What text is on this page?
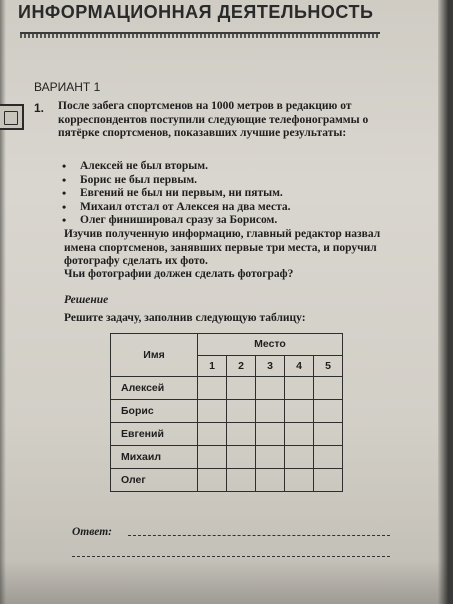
ИНФОРМАЦИОННАЯ ДЕЯТЕЛЬНОСТЬ
ВАРИАНТ 1
1. После забега спортсменов на 1000 метров в редакцию от корреспондентов поступили следующие телефонограммы о пятёрке спортсменов, показавших лучшие результаты:
• Алексей не был вторым.
• Борис не был первым.
• Евгений не был ни первым, ни пятым.
• Михаил отстал от Алексея на два места.
• Олег финишировал сразу за Борисом.
Изучив полученную информацию, главный редактор назвал имена спортсменов, занявших первые три места, и поручил фотографу сделать их фото.
Чьи фотографии должен сделать фотограф?
Решение
Решите задачу, заполнив следующую таблицу:
Имя	Место				
	1	2	3	4	5
Алексей					
Борис					
Евгений					
Михаил					
Олег					
Ответ:
